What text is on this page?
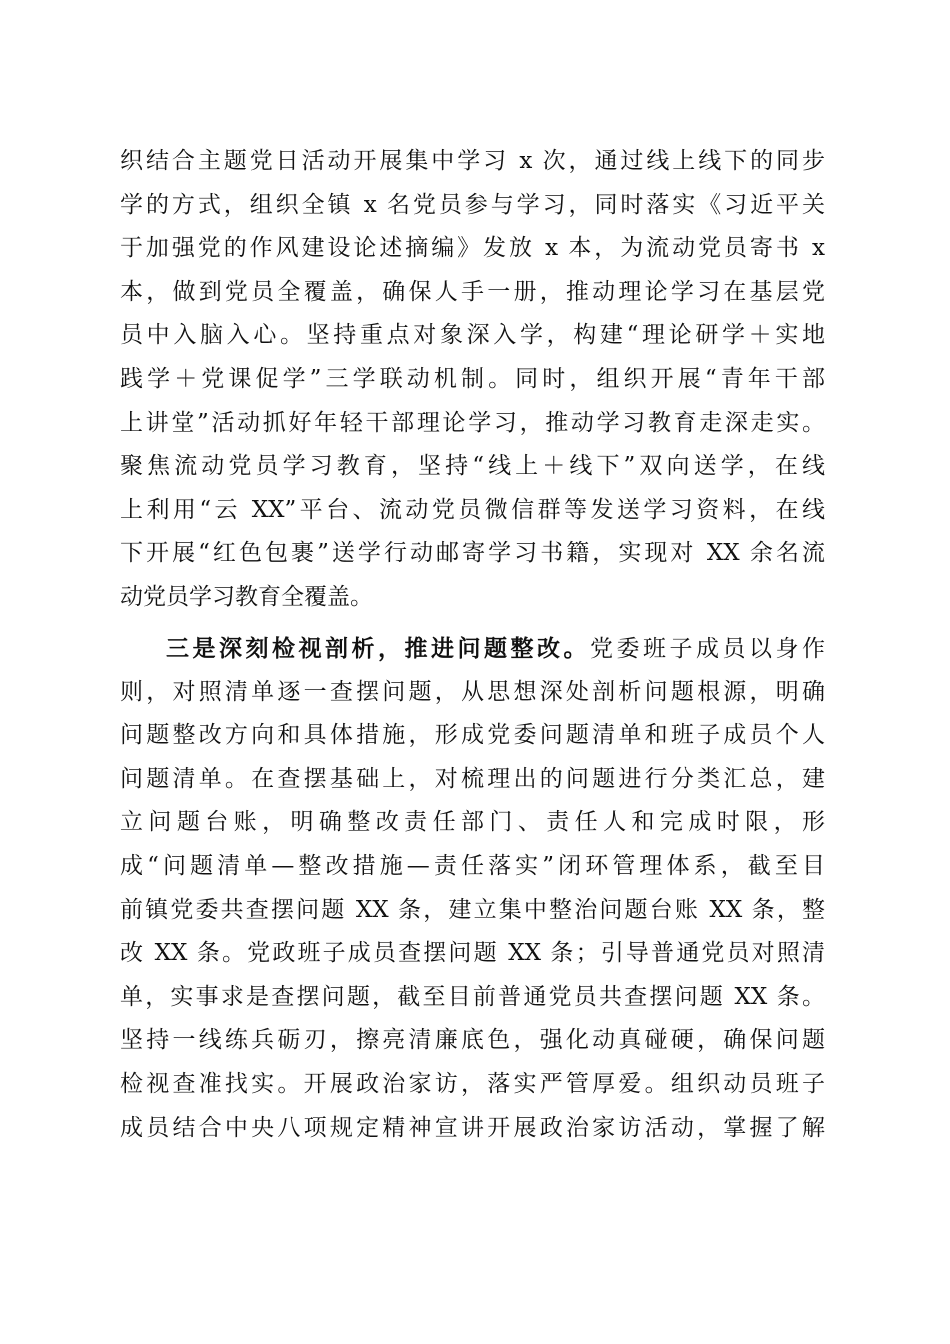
织结合主题党日活动开展集中学习 x 次，通过线上线下的同步
学的方式，组织全镇 x 名党员参与学习，同时落实《习近平关
于加强党的作风建设论述摘编》发放 x 本，为流动党员寄书 x
本，做到党员全覆盖，确保人手一册，推动理论学习在基层党
员中入脑入心。坚持重点对象深入学，构建“理论研学＋实地
践学＋党课促学”三学联动机制。同时，组织开展“青年干部
上讲堂”活动抓好年轻干部理论学习，推动学习教育走深走实。
聚焦流动党员学习教育，坚持“线上＋线下”双向送学，在线
上利用“云 XX”平台、流动党员微信群等发送学习资料，在线
下开展“红色包裹”送学行动邮寄学习书籍，实现对 XX 余名流
动党员学习教育全覆盖。
三是深刻检视剖析，推进问题整改。党委班子成员以身作
则，对照清单逐一查摆问题，从思想深处剖析问题根源，明确
问题整改方向和具体措施，形成党委问题清单和班子成员个人
问题清单。在查摆基础上，对梳理出的问题进行分类汇总，建
立问题台账，明确整改责任部门、责任人和完成时限，形
成“问题清单—整改措施—责任落实”闭环管理体系，截至目
前镇党委共查摆问题 XX 条，建立集中整治问题台账 XX 条，整
改 XX 条。党政班子成员查摆问题 XX 条；引导普通党员对照清
单，实事求是查摆问题，截至目前普通党员共查摆问题 XX 条。
坚持一线练兵砺刃，擦亮清廉底色，强化动真碰硬，确保问题
检视查准找实。开展政治家访，落实严管厚爱。组织动员班子
成员结合中央八项规定精神宣讲开展政治家访活动，掌握了解
